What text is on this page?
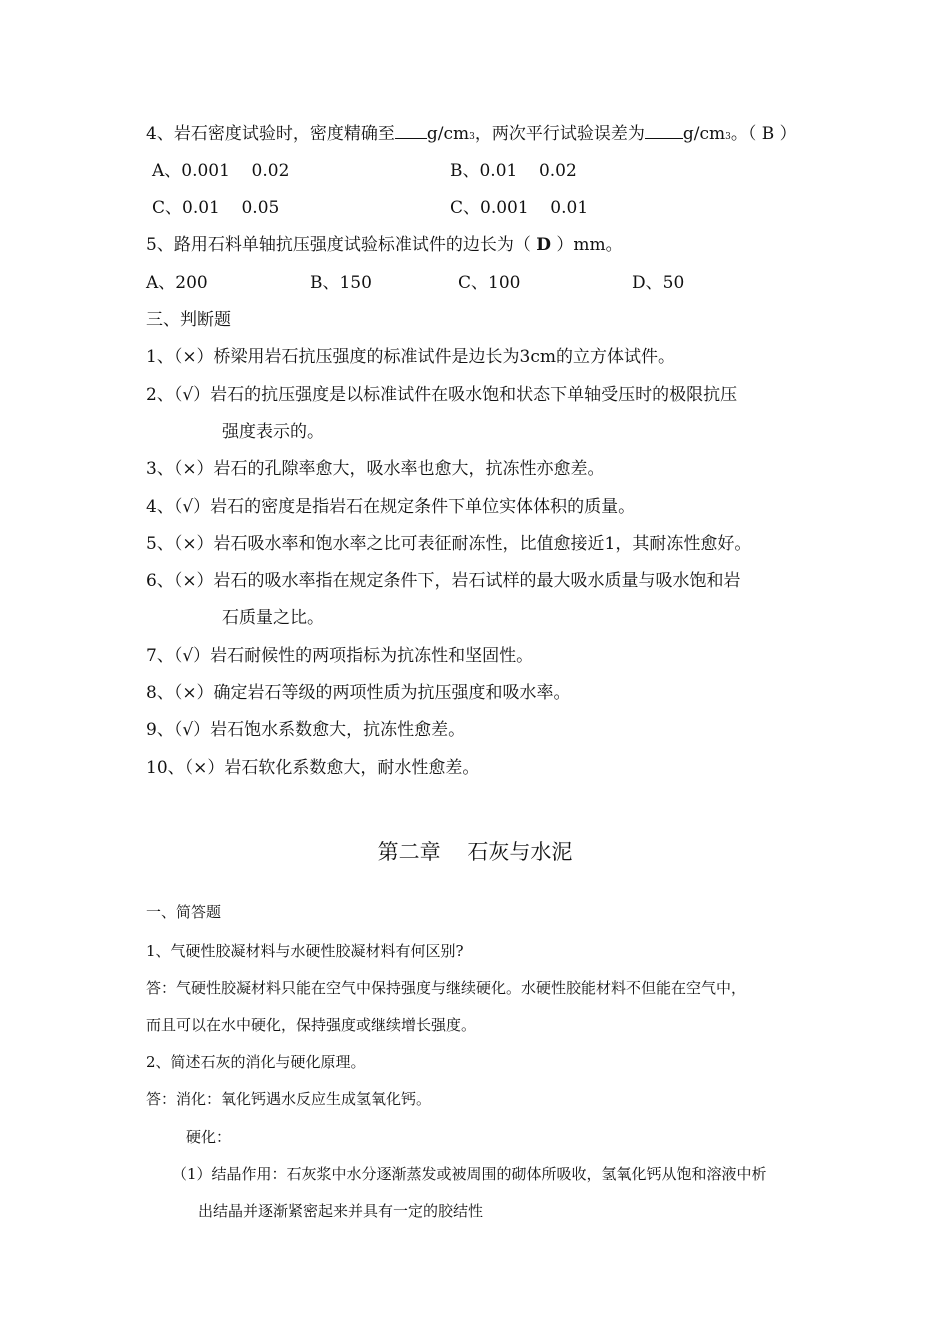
4、岩石密度试验时，密度精确至 g/cm3，两次平行试验误差为 g/cm3。（ B ）
A、0.001    0.02	B、0.01    0.02
C、0.01    0.05	C、0.001    0.01
5、路用石料单轴抗压强度试验标准试件的边长为（ D ）mm。
A、200	B、150	C、100	D、50
三、判断题
1、（×）桥梁用岩石抗压强度的标准试件是边长为3cm的立方体试件。
2、（√）岩石的抗压强度是以标准试件在吸水饱和状态下单轴受压时的极限抗压
强度表示的。
3、（×）岩石的孔隙率愈大，吸水率也愈大，抗冻性亦愈差。
4、（√）岩石的密度是指岩石在规定条件下单位实体体积的质量。
5、（×）岩石吸水率和饱水率之比可表征耐冻性，比值愈接近1，其耐冻性愈好。
6、（×）岩石的吸水率指在规定条件下，岩石试样的最大吸水质量与吸水饱和岩
石质量之比。
7、（√）岩石耐候性的两项指标为抗冻性和坚固性。
8、（×）确定岩石等级的两项性质为抗压强度和吸水率。
9、（√）岩石饱水系数愈大，抗冻性愈差。
10、（×）岩石软化系数愈大，耐水性愈差。
第二章    石灰与水泥
一、简答题
1、气硬性胶凝材料与水硬性胶凝材料有何区别?
答：气硬性胶凝材料只能在空气中保持强度与继续硬化。水硬性胶能材料不但能在空气中，
而且可以在水中硬化，保持强度或继续增长强度。
2、简述石灰的消化与硬化原理。
答：消化：氧化钙遇水反应生成氢氧化钙。
硬化：
（1）结晶作用：石灰浆中水分逐渐蒸发或被周围的砌体所吸收，氢氧化钙从饱和溶液中析
出结晶并逐渐紧密起来并具有一定的胶结性
